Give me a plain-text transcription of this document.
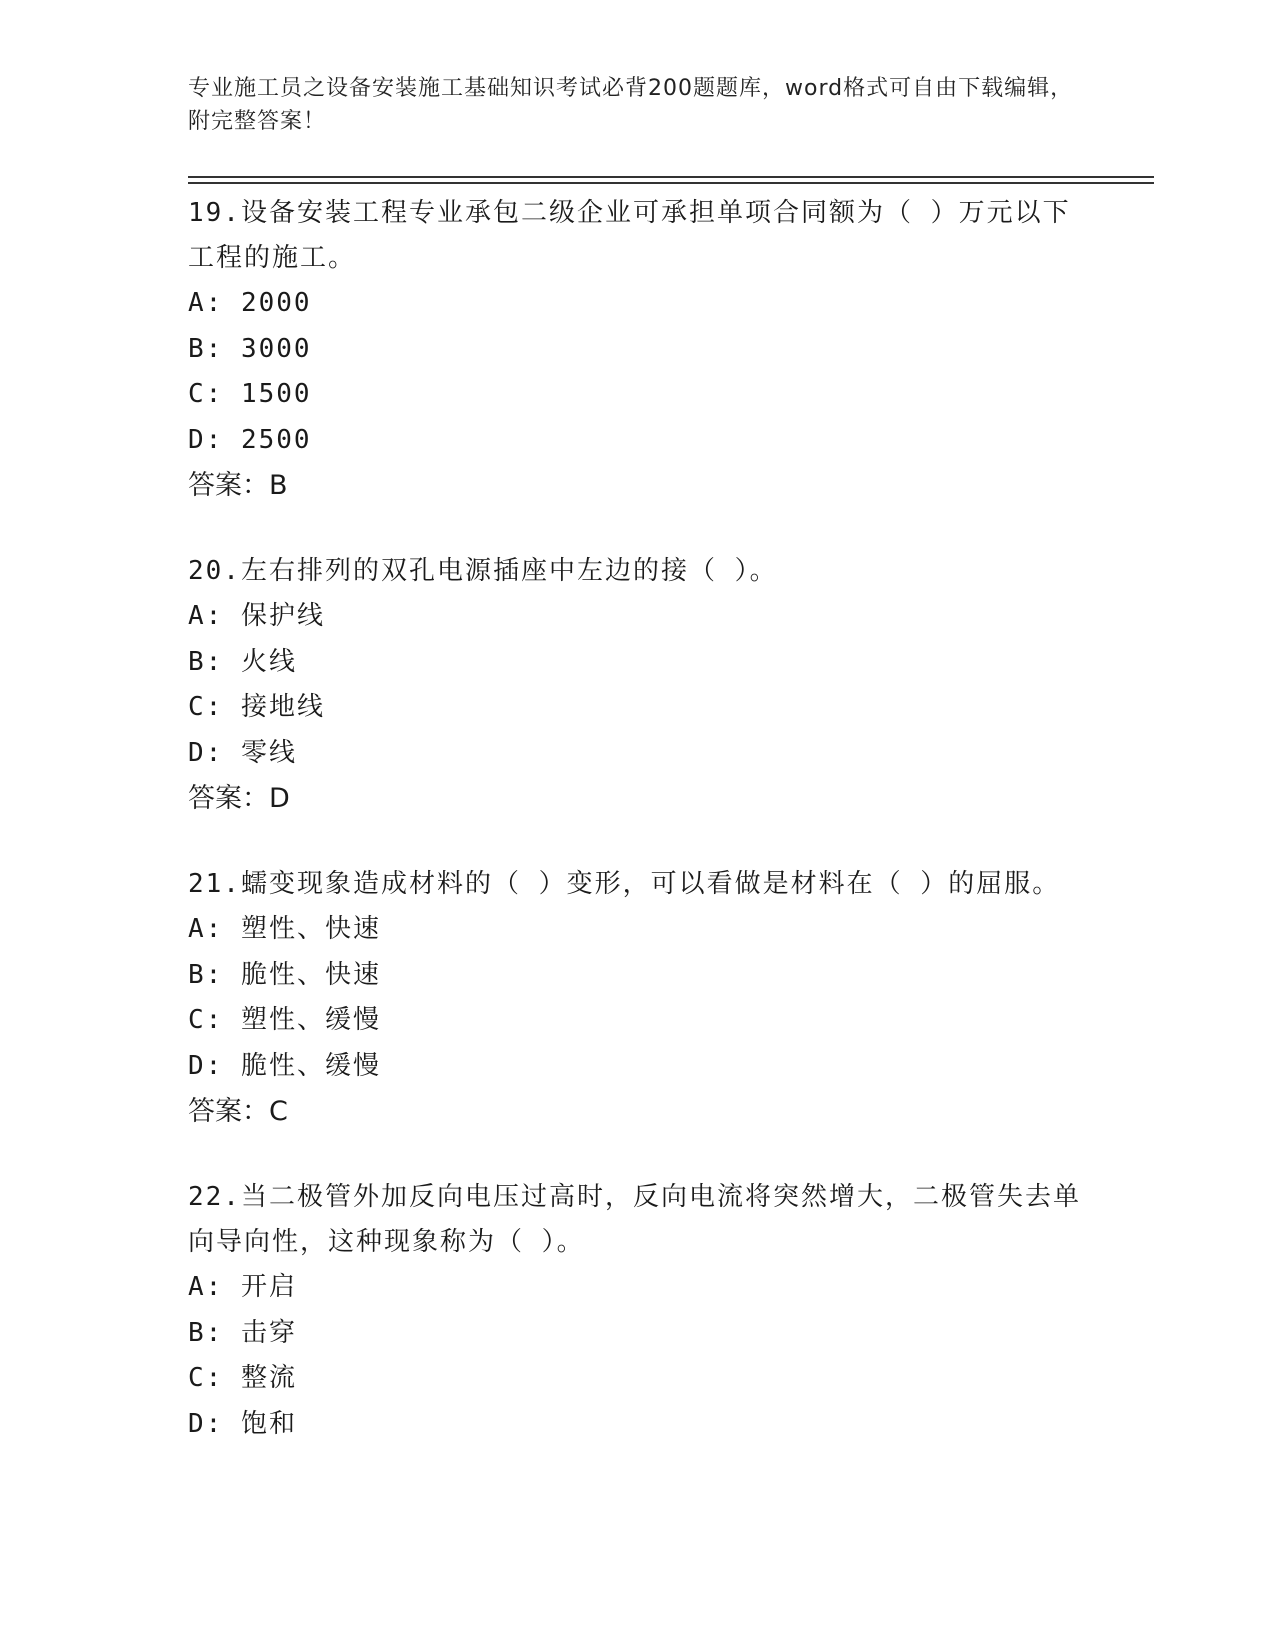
专业施工员之设备安装施工基础知识考试必背200题题库，word格式可自由下载编辑，附完整答案！
19.设备安装工程专业承包二级企业可承担单项合同额为（ ）万元以下工程的施工。
A: 2000
B: 3000
C: 1500
D: 2500
答案：B
20.左右排列的双孔电源插座中左边的接（ ）。
A: 保护线
B: 火线
C: 接地线
D: 零线
答案：D
21.蠕变现象造成材料的（ ）变形，可以看做是材料在（ ）的屈服。
A: 塑性、快速
B: 脆性、快速
C: 塑性、缓慢
D: 脆性、缓慢
答案：C
22.当二极管外加反向电压过高时，反向电流将突然增大，二极管失去单向导向性，这种现象称为（ ）。
A: 开启
B: 击穿
C: 整流
D: 饱和
